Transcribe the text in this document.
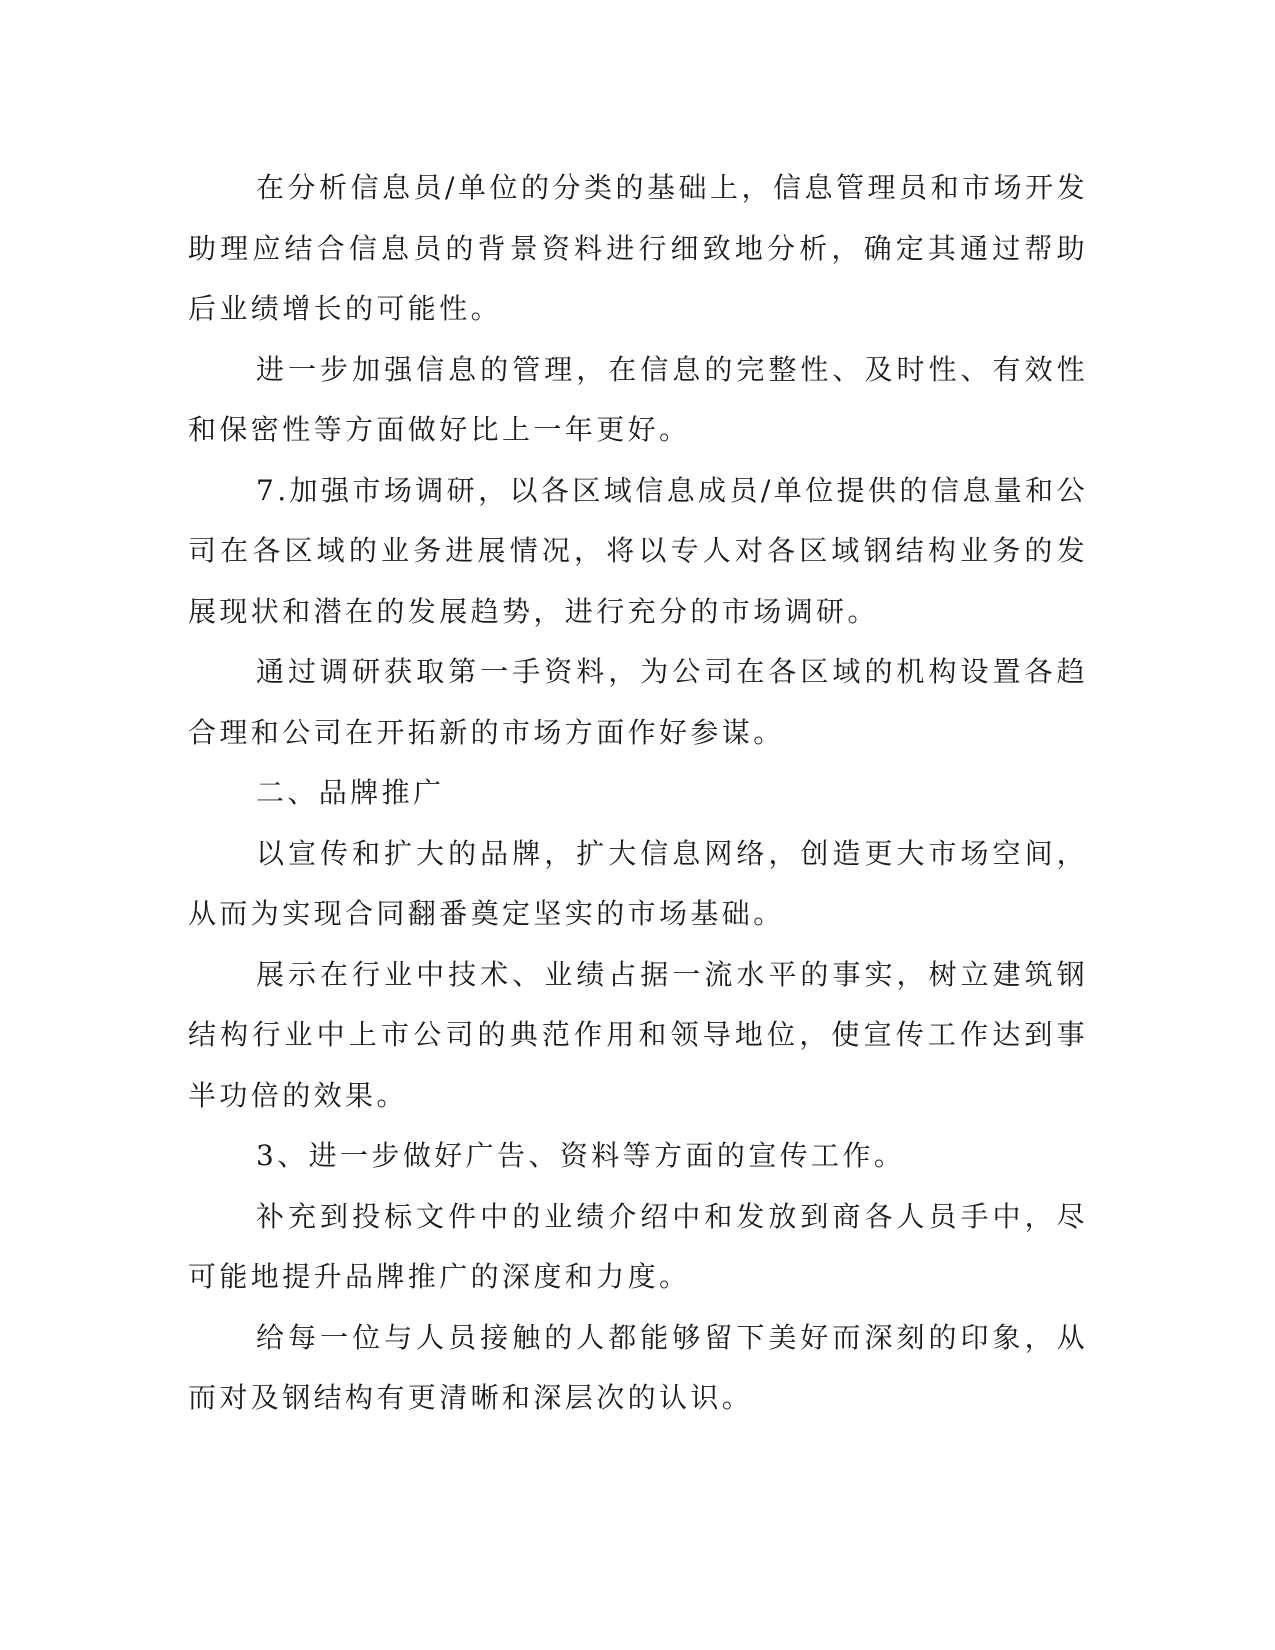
在分析信息员/单位的分类的基础上，信息管理员和市场开发助理应结合信息员的背景资料进行细致地分析，确定其通过帮助后业绩增长的可能性。

进一步加强信息的管理，在信息的完整性、及时性、有效性和保密性等方面做好比上一年更好。

7.加强市场调研，以各区域信息成员/单位提供的信息量和公司在各区域的业务进展情况，将以专人对各区域钢结构业务的发展现状和潜在的发展趋势，进行充分的市场调研。

通过调研获取第一手资料，为公司在各区域的机构设置各趋合理和公司在开拓新的市场方面作好参谋。

二、品牌推广

以宣传和扩大的品牌，扩大信息网络，创造更大市场空间，从而为实现合同翻番奠定坚实的市场基础。

展示在行业中技术、业绩占据一流水平的事实，树立建筑钢结构行业中上市公司的典范作用和领导地位，使宣传工作达到事半功倍的效果。

3、进一步做好广告、资料等方面的宣传工作。

补充到投标文件中的业绩介绍中和发放到商各人员手中，尽可能地提升品牌推广的深度和力度。

给每一位与人员接触的人都能够留下美好而深刻的印象，从而对及钢结构有更清晰和深层次的认识。
